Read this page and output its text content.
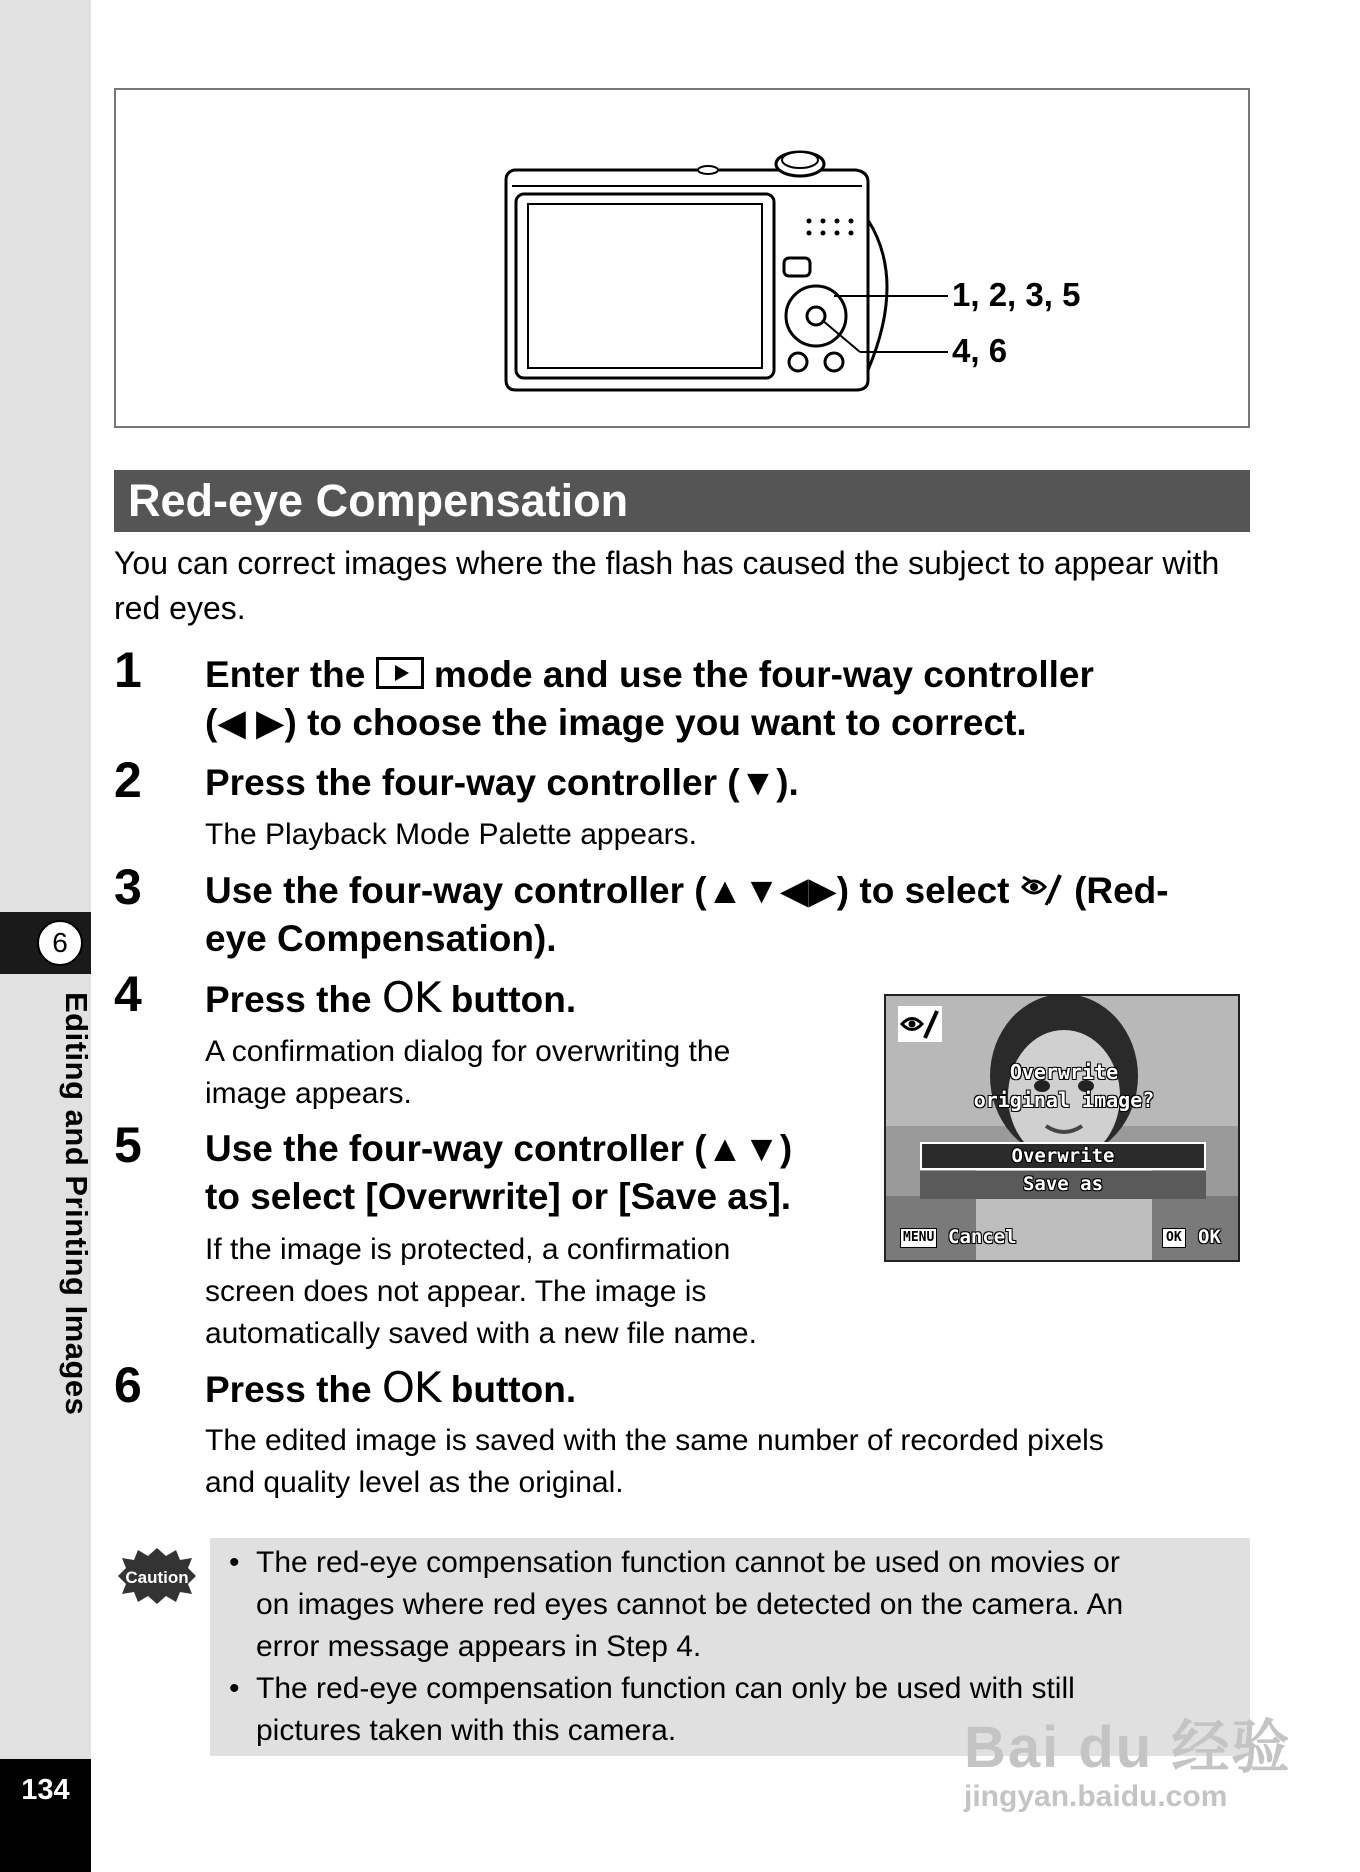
6
Editing and Printing Images
134
1, 2, 3, 5
4, 6
Red-eye Compensation
You can correct images where the flash has caused the subject to appear with red eyes.
1 Enter the mode and use the four-way controller
(◀ ▶) to choose the image you want to correct.
2 Press the four-way controller (▼).
The Playback Mode Palette appears.
3 Use the four-way controller (▲▼◀▶) to select (Red-
eye Compensation).
4 Press the OK button.
A confirmation dialog for overwriting the
image appears.
5 Use the four-way controller (▲▼)
to select [Overwrite] or [Save as].
If the image is protected, a confirmation
screen does not appear. The image is
automatically saved with a new file name.
6 Press the OK button.
The edited image is saved with the same number of recorded pixels
and quality level as the original.
Overwrite
original image?
Overwrite
Save as
MENU Cancel	OK OK
Caution • The red-eye compensation function cannot be used on movies or
on images where red eyes cannot be detected on the camera. An
error message appears in Step 4.
• The red-eye compensation function can only be used with still
pictures taken with this camera.	Bai du 经验
jingyan.baidu.com
